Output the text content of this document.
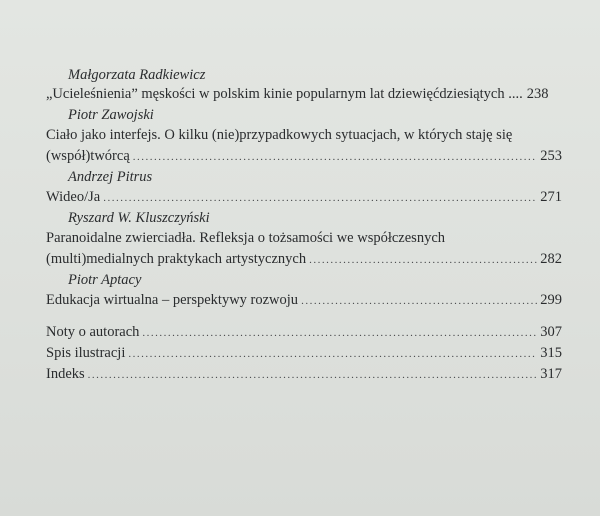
Małgorzata Radkiewicz
„Ucieleśnienia” męskości w polskim kinie popularnym lat dziewięćdziesiątych .... 238
Piotr Zawojski
Ciało jako interfejs. O kilku (nie)przypadkowych sytuacjach, w których staję się
(współ)twórcą .....	253
Andrzej Pitrus
Wideo/Ja .....	271
Ryszard W. Kluszczyński
Paranoidalne zwierciadła. Refleksja o tożsamości we współczesnych
(multi)medialnych praktykach artystycznych .....	282
Piotr Aptacy
Edukacja wirtualna – perspektywy rozwoju .....	299
Noty o autorach .....	307
Spis ilustracji .....	315
Indeks .....	317
